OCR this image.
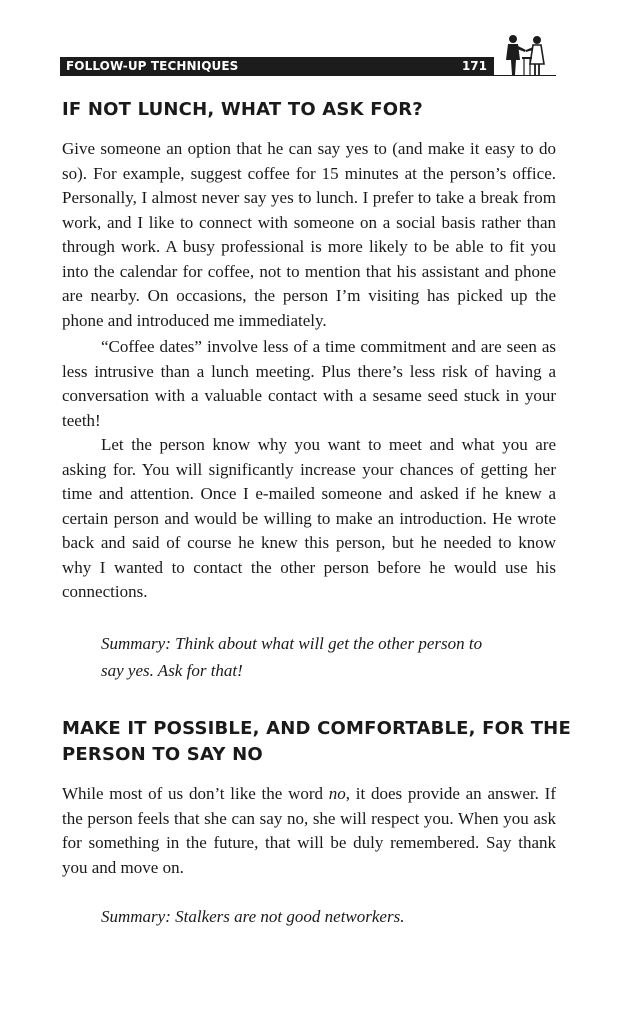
FOLLOW-UP TECHNIQUES	171
IF NOT LUNCH, WHAT TO ASK FOR?

Give someone an option that he can say yes to (and make it easy to do so). For example, suggest coffee for 15 minutes at the person’s office. Personally, I almost never say yes to lunch. I prefer to take a break from work, and I like to connect with someone on a social basis rather than through work. A busy professional is more likely to be able to fit you into the calendar for coffee, not to mention that his assistant and phone are nearby. On occasions, the person I’m visiting has picked up the phone and introduced me immediately.

“Coffee dates” involve less of a time commitment and are seen as less intrusive than a lunch meeting. Plus there’s less risk of having a conversation with a valuable contact with a sesame seed stuck in your teeth!

Let the person know why you want to meet and what you are asking for. You will significantly increase your chances of getting her time and attention. Once I e-mailed someone and asked if he knew a certain person and would be willing to make an introduction. He wrote back and said of course he knew this person, but he needed to know why I wanted to contact the other person before he would use his connections.

Summary: Think about what will get the other person to
say yes. Ask for that!
MAKE IT POSSIBLE, AND COMFORTABLE, FOR THE
PERSON TO SAY NO

While most of us don’t like the word no, it does provide an answer. If the person feels that she can say no, she will respect you. When you ask for something in the future, that will be duly remembered. Say thank you and move on.

Summary: Stalkers are not good networkers.
